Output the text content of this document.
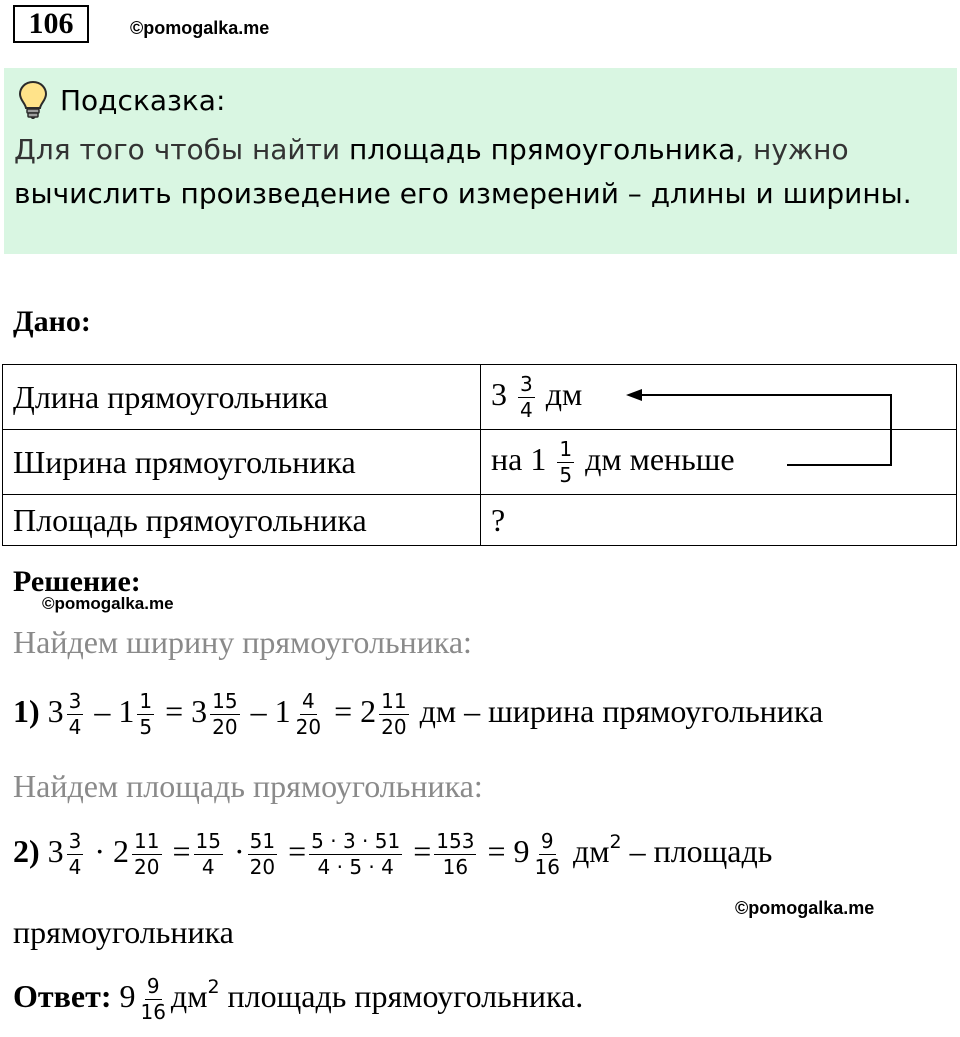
106	©pomogalka.me
Подсказка:
Для того чтобы найти площадь прямоугольника, нужно вычислить произведение его измерений – длины и ширины.
Дано:
Длина прямоугольника	$3 \frac{3}{4}$ дм
Ширина прямоугольника	на $1 \frac{1}{5}$ дм меньше
Площадь прямоугольника	?
Решение:
©pomogalka.me
Найдем ширину прямоугольника:
1) $3 \frac{3}{4} - 1 \frac{1}{5} = 3 \frac{15}{20} - 1 \frac{4}{20} = 2 \frac{11}{20}$ дм – ширина прямоугольника
Найдем площадь прямоугольника:
2) $3 \frac{3}{4} \cdot 2 \frac{11}{20} = \frac{15}{4} \cdot \frac{51}{20} = \frac{5 \cdot 3 \cdot 51}{4 \cdot 5 \cdot 4} = \frac{153}{16} = 9 \frac{9}{16} дм^2$ – площадь
©pomogalka.me
прямоугольника
Ответ: $9 \frac{9}{16} дм^2$ площадь прямоугольника.
